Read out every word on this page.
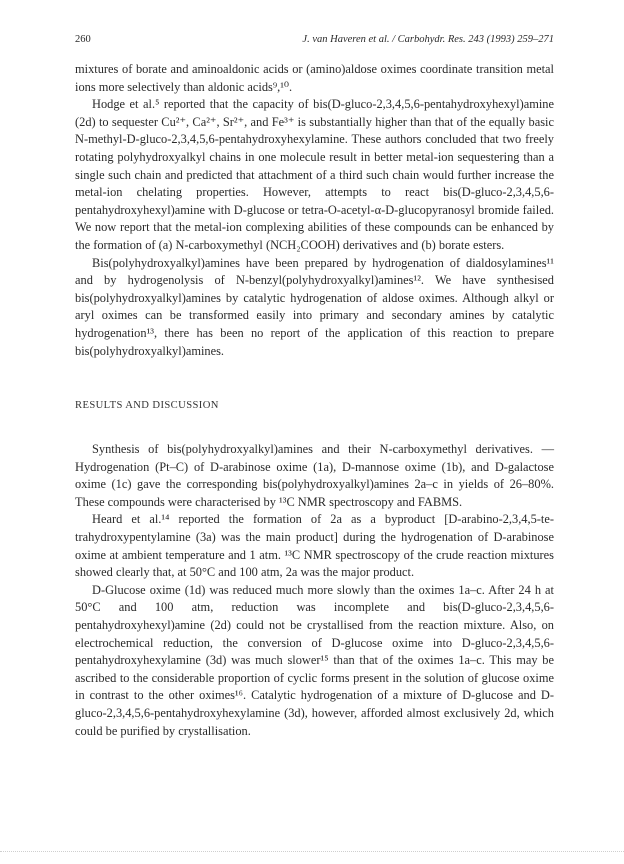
260	J. van Haveren et al. / Carbohydr. Res. 243 (1993) 259–271

mixtures of borate and aminoaldonic acids or (amino)aldose oximes coordinate transition metal ions more selectively than aldonic acids⁹,¹⁰.

Hodge et al.⁵ reported that the capacity of bis(D-gluco-2,3,4,5,6-pentahydroxyhexyl)amine (2d) to sequester Cu²⁺, Ca²⁺, Sr²⁺, and Fe³⁺ is substantially higher than that of the equally basic N-methyl-D-gluco-2,3,4,5,6-pentahydroxyhexylamine. These authors concluded that two freely rotating polyhydroxyalkyl chains in one molecule result in better metal-ion sequestering than a single such chain and predicted that attachment of a third such chain would further increase the metal-ion chelating properties. However, attempts to react bis(D-gluco-2,3,4,5,6-pentahydroxyhexyl)amine with D-glucose or tetra-O-acetyl-α-D-glucopyranosyl bromide failed. We now report that the metal-ion complexing abilities of these compounds can be enhanced by the formation of (a) N-carboxymethyl (NCH₂COOH) derivatives and (b) borate esters.

Bis(polyhydroxyalkyl)amines have been prepared by hydrogenation of dialdosylamines¹¹ and by hydrogenolysis of N-benzyl(polyhydroxyalkyl)amines¹². We have synthesised bis(polyhydroxyalkyl)amines by catalytic hydrogenation of aldose oximes. Although alkyl or aryl oximes can be transformed easily into primary and secondary amines by catalytic hydrogenation¹³, there has been no report of the application of this reaction to prepare bis(polyhydroxyalkyl)amines.

RESULTS AND DISCUSSION

Synthesis of bis(polyhydroxyalkyl)amines and their N-carboxymethyl derivatives. —Hydrogenation (Pt–C) of D-arabinose oxime (1a), D-mannose oxime (1b), and D-galactose oxime (1c) gave the corresponding bis(polyhydroxyalkyl)amines 2a–c in yields of 26–80%. These compounds were characterised by ¹³C NMR spectroscopy and FABMS.

Heard et al.¹⁴ reported the formation of 2a as a byproduct [D-arabino-2,3,4,5-tetrahydroxypentylamine (3a) was the main product] during the hydrogenation of D-arabinose oxime at ambient temperature and 1 atm. ¹³C NMR spectroscopy of the crude reaction mixtures showed clearly that, at 50°C and 100 atm, 2a was the major product.

D-Glucose oxime (1d) was reduced much more slowly than the oximes 1a–c. After 24 h at 50°C and 100 atm, reduction was incomplete and bis(D-gluco-2,3,4,5,6-pentahydroxyhexyl)amine (2d) could not be crystallised from the reaction mixture. Also, on electrochemical reduction, the conversion of D-glucose oxime into D-gluco-2,3,4,5,6-pentahydroxyhexylamine (3d) was much slower¹⁵ than that of the oximes 1a–c. This may be ascribed to the considerable proportion of cyclic forms present in the solution of glucose oxime in contrast to the other oximes¹⁶. Catalytic hydrogenation of a mixture of D-glucose and D-gluco-2,3,4,5,6-pentahydroxyhexylamine (3d), however, afforded almost exclusively 2d, which could be purified by crystallisation.
